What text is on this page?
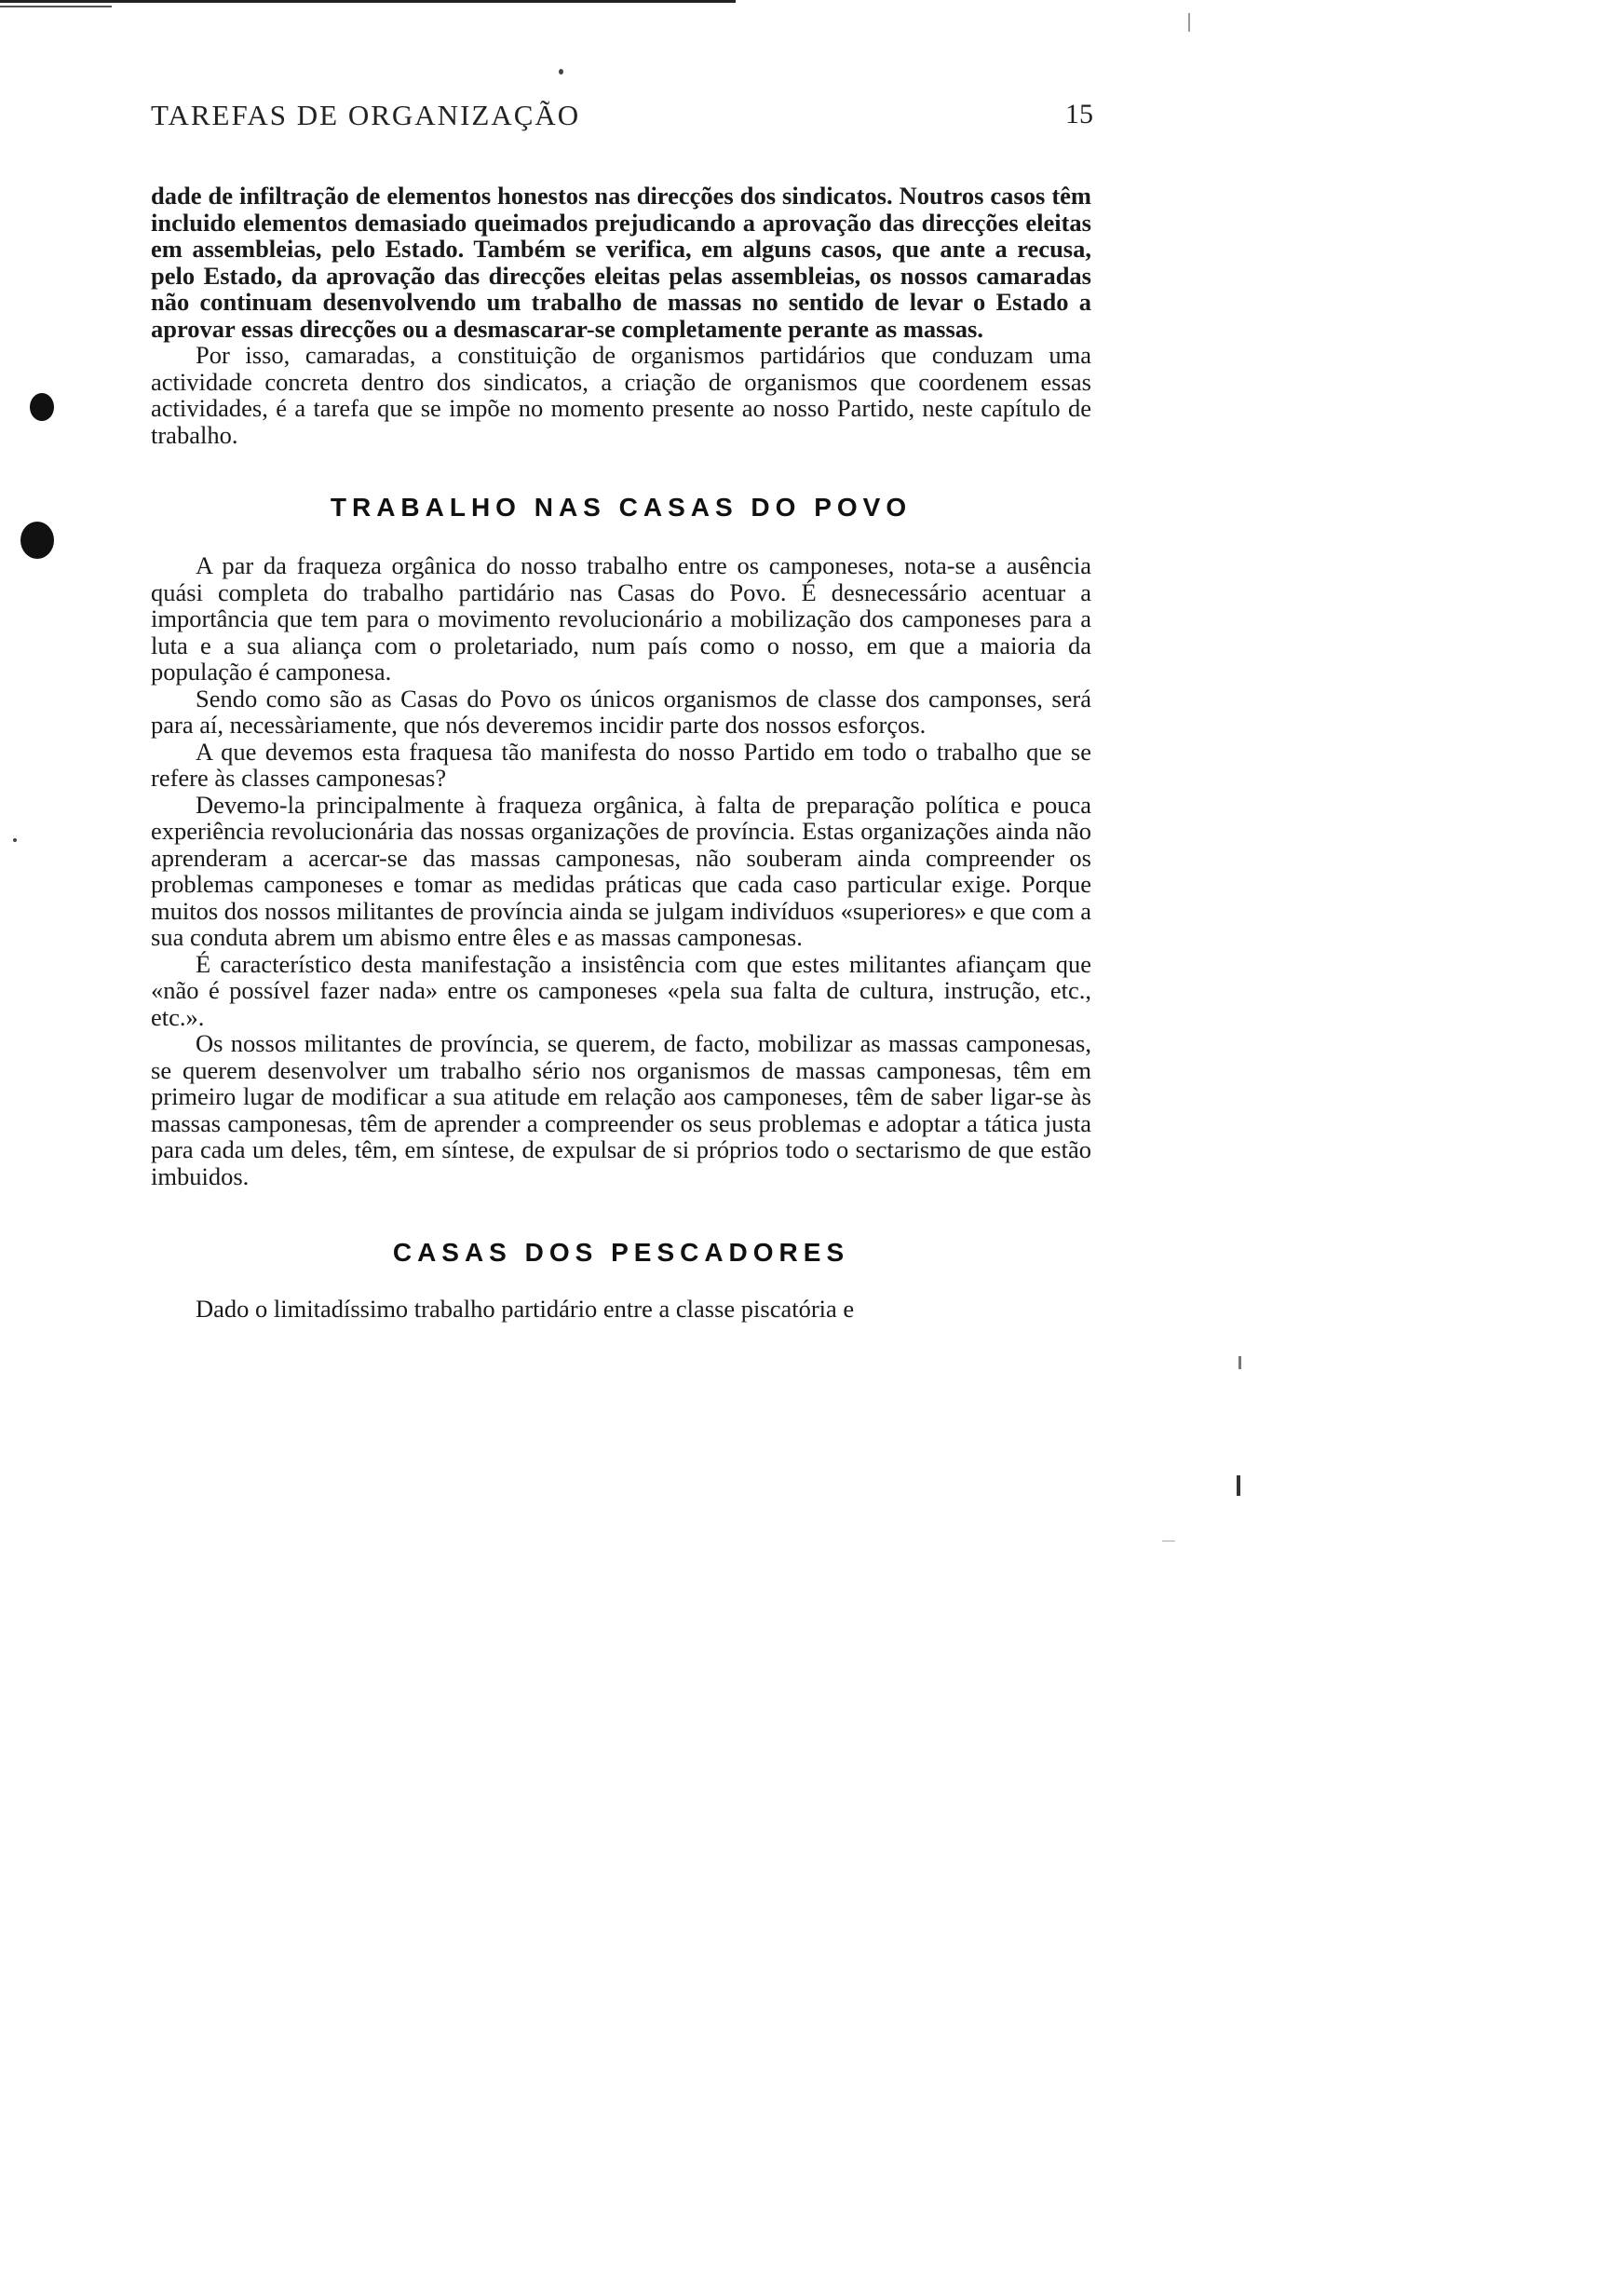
TAREFAS DE ORGANIZAÇÃO	15

dade de infiltração de elementos honestos nas direcções dos sindicatos. Noutros casos têm incluido elementos demasiado queimados prejudicando a aprovação das direcções eleitas em assembleias, pelo Estado. Também se verifica, em alguns casos, que ante a recusa, pelo Estado, da aprovação das direcções eleitas pelas assembleias, os nossos camaradas não continuam desenvolvendo um trabalho de massas no sentido de levar o Estado a aprovar essas direcções ou a desmascarar-se completamente perante as massas.

Por isso, camaradas, a constituição de organismos partidários que conduzam uma actividade concreta dentro dos sindicatos, a criação de organismos que coordenem essas actividades, é a tarefa que se impõe no momento presente ao nosso Partido, neste capítulo de trabalho.

TRABALHO NAS CASAS DO POVO

A par da fraqueza orgânica do nosso trabalho entre os camponeses, nota-se a ausência quási completa do trabalho partidário nas Casas do Povo. É desnecessário acentuar a importância que tem para o movimento revolucionário a mobilização dos camponeses para a luta e a sua aliança com o proletariado, num país como o nosso, em que a maioria da população é camponesa.

Sendo como são as Casas do Povo os únicos organismos de classe dos camponses, será para aí, necessàriamente, que nós deveremos incidir parte dos nossos esforços.

A que devemos esta fraquesa tão manifesta do nosso Partido em todo o trabalho que se refere às classes camponesas?

Devemo-la principalmente à fraqueza orgânica, à falta de preparação política e pouca experiência revolucionária das nossas organizações de província. Estas organizações ainda não aprenderam a acercar-se das massas camponesas, não souberam ainda compreender os problemas camponeses e tomar as medidas práticas que cada caso particular exige. Porque muitos dos nossos militantes de província ainda se julgam indivíduos «superiores» e que com a sua conduta abrem um abismo entre êles e as massas camponesas.

É característico desta manifestação a insistência com que estes militantes afiançam que «não é possível fazer nada» entre os camponeses «pela sua falta de cultura, instrução, etc., etc.».

Os nossos militantes de província, se querem, de facto, mobilizar as massas camponesas, se querem desenvolver um trabalho sério nos organismos de massas camponesas, têm em primeiro lugar de modificar a sua atitude em relação aos camponeses, têm de saber ligar-se às massas camponesas, têm de aprender a compreender os seus problemas e adoptar a tática justa para cada um deles, têm, em síntese, de expulsar de si próprios todo o sectarismo de que estão imbuidos.

CASAS DOS PESCADORES

Dado o limitadíssimo trabalho partidário entre a classe piscatória e
